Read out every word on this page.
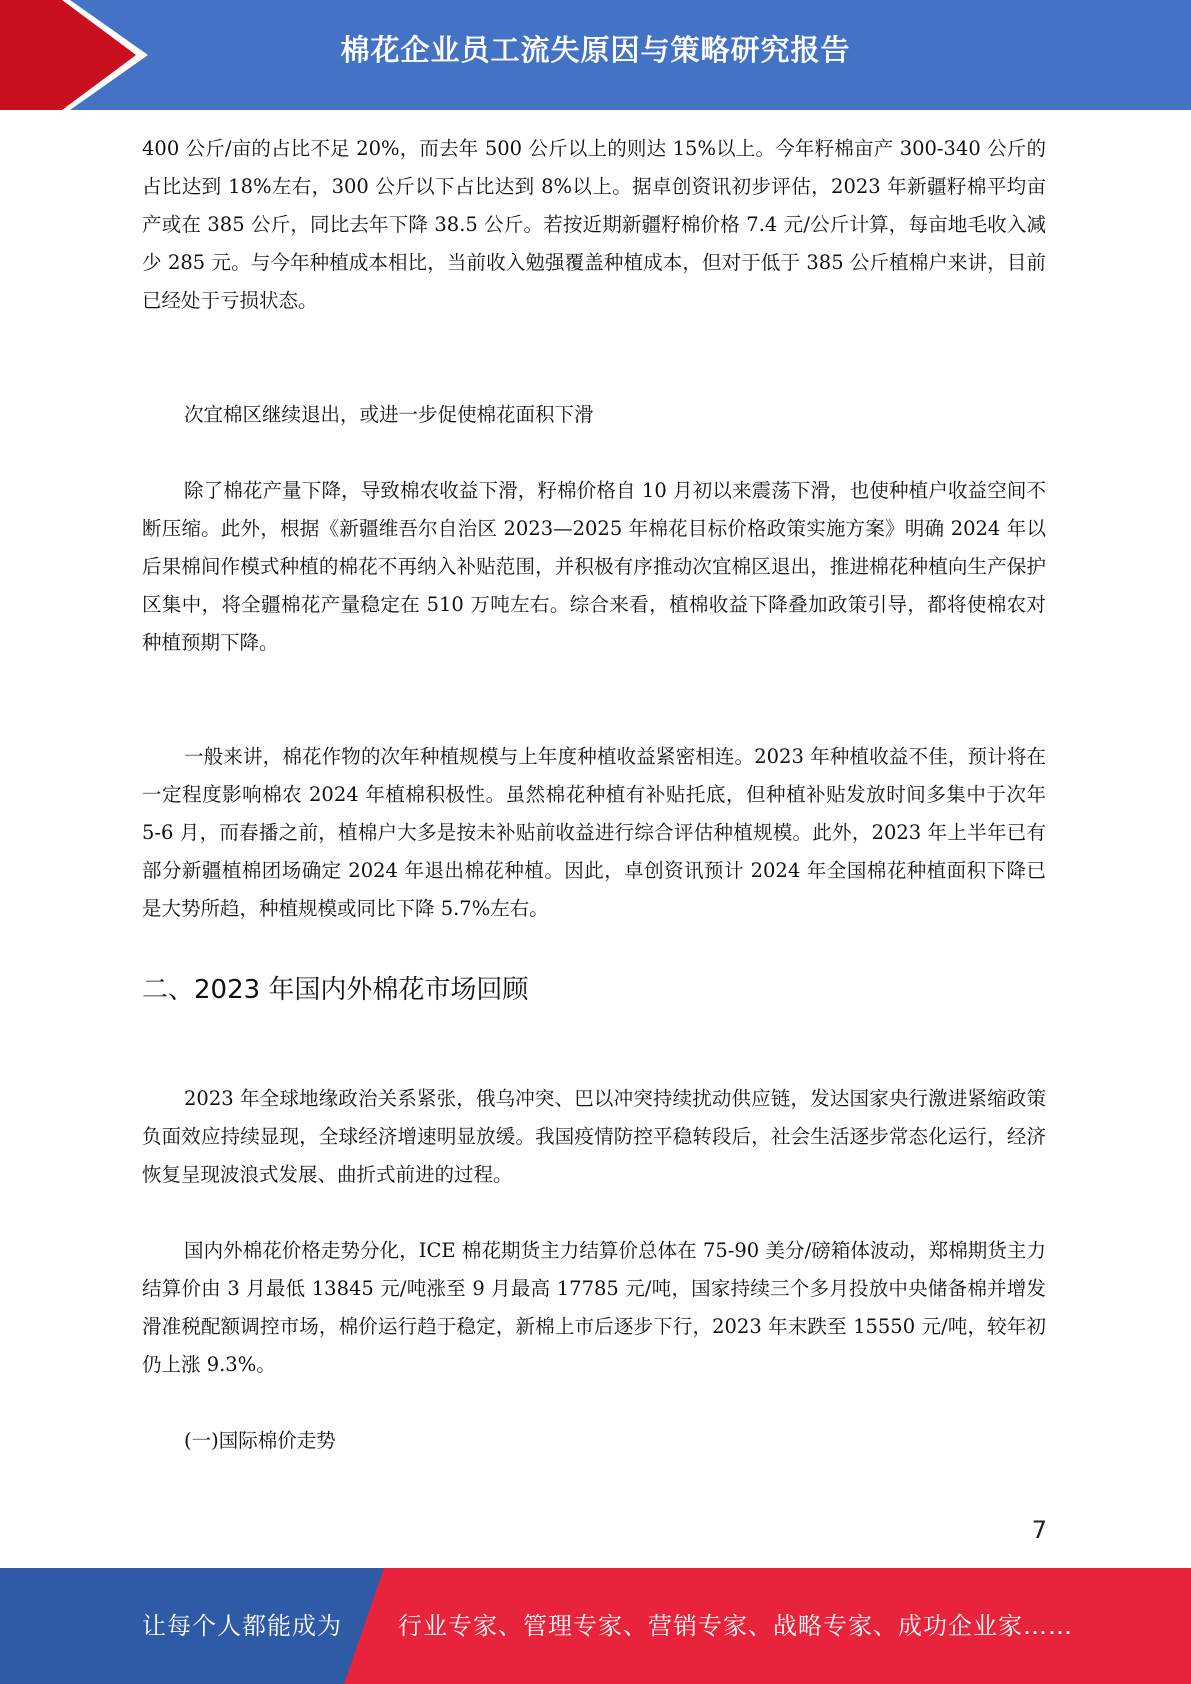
棉花企业员工流失原因与策略研究报告

400 公斤/亩的占比不足 20%，而去年 500 公斤以上的则达 15%以上。今年籽棉亩产 300-340 公斤的占比达到 18%左右，300 公斤以下占比达到 8%以上。据卓创资讯初步评估，2023 年新疆籽棉平均亩产或在 385 公斤，同比去年下降 38.5 公斤。若按近期新疆籽棉价格 7.4 元/公斤计算，每亩地毛收入减少 285 元。与今年种植成本相比，当前收入勉强覆盖种植成本，但对于低于 385 公斤植棉户来讲，目前已经处于亏损状态。

次宜棉区继续退出，或进一步促使棉花面积下滑

除了棉花产量下降，导致棉农收益下滑，籽棉价格自 10 月初以来震荡下滑，也使种植户收益空间不断压缩。此外，根据《新疆维吾尔自治区 2023—2025 年棉花目标价格政策实施方案》明确 2024 年以后果棉间作模式种植的棉花不再纳入补贴范围，并积极有序推动次宜棉区退出，推进棉花种植向生产保护区集中，将全疆棉花产量稳定在 510 万吨左右。综合来看，植棉收益下降叠加政策引导，都将使棉农对种植预期下降。

一般来讲，棉花作物的次年种植规模与上年度种植收益紧密相连。2023 年种植收益不佳，预计将在一定程度影响棉农 2024 年植棉积极性。虽然棉花种植有补贴托底，但种植补贴发放时间多集中于次年 5-6 月，而春播之前，植棉户大多是按未补贴前收益进行综合评估种植规模。此外，2023 年上半年已有部分新疆植棉团场确定 2024 年退出棉花种植。因此，卓创资讯预计 2024 年全国棉花种植面积下降已是大势所趋，种植规模或同比下降 5.7%左右。

二、2023 年国内外棉花市场回顾

2023 年全球地缘政治关系紧张，俄乌冲突、巴以冲突持续扰动供应链，发达国家央行激进紧缩政策负面效应持续显现，全球经济增速明显放缓。我国疫情防控平稳转段后，社会生活逐步常态化运行，经济恢复呈现波浪式发展、曲折式前进的过程。

国内外棉花价格走势分化，ICE 棉花期货主力结算价总体在 75-90 美分/磅箱体波动，郑棉期货主力结算价由 3 月最低 13845 元/吨涨至 9 月最高 17785 元/吨，国家持续三个多月投放中央储备棉并增发滑准税配额调控市场，棉价运行趋于稳定，新棉上市后逐步下行，2023 年末跌至 15550 元/吨，较年初仍上涨 9.3%。

(一)国际棉价走势

7
让每个人都能成为 行业专家、管理专家、营销专家、战略专家、成功企业家……
